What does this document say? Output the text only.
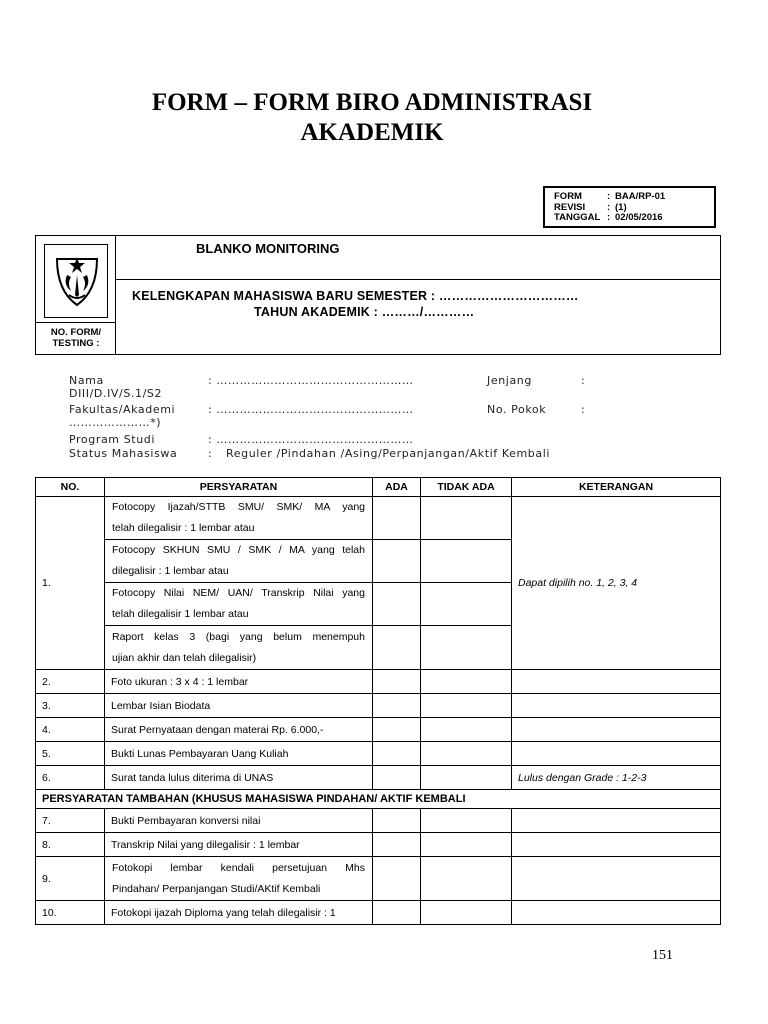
FORM – FORM BIRO ADMINISTRASI
AKADEMIK
FORM	: BAA/RP-01
REVISI	: (1)
TANGGAL : 02/05/2016
NO. FORM/
TESTING :
BLANKO MONITORING
KELENGKAPAN MAHASISWA BARU SEMESTER : ……………………………
TAHUN AKADEMIK : ………/…………
Nama	: ……………………………………………	Jenjang	:
DIII/D.IV/S.1/S2
Fakultas/Akademi	: ……………………………………………	No. Pokok	:
…………………*)
Program Studi	: ……………………………………………
Status Mahasiswa	: Reguler /Pindahan /Asing/Perpanjangan/Aktif Kembali
NO.	PERSYARATAN	ADA	TIDAK ADA	KETERANGAN
1.	Fotocopy Ijazah/STTB SMU/ SMK/ MA yang
telah dilegalisir : 1 lembar atau			Dapat dipilih no. 1, 2, 3, 4

	Fotocopy SKHUN SMU / SMK / MA yang telah
dilegalisir : 1 lembar atau			

	Fotocopy Nilai NEM/ UAN/ Transkrip Nilai yang
telah dilegalisir 1 lembar atau			

	Raport kelas 3 (bagi yang belum menempuh
ujian akhir dan telah dilegalisir)			

2.	Foto ukuran : 3 x 4 : 1 lembar			
3.	Lembar Isian Biodata			
4.	Surat Pernyataan dengan materai Rp. 6.000,-			
5.	Bukti Lunas Pembayaran Uang Kuliah			
6.	Surat tanda lulus diterima di UNAS			Lulus dengan Grade : 1-2-3
PERSYARATAN TAMBAHAN (KHUSUS MAHASISWA PINDAHAN/ AKTIF KEMBALI				
7.	Bukti Pembayaran konversi nilai			
8.	Transkrip Nilai yang dilegalisir : 1 lembar			
9.	Fotokopi lembar kendali persetujuan Mhs
Pindahan/ Perpanjangan Studi/AKtif Kembali			

10.	Fotokopi ijazah Diploma yang telah dilegalisir : 1			
151
